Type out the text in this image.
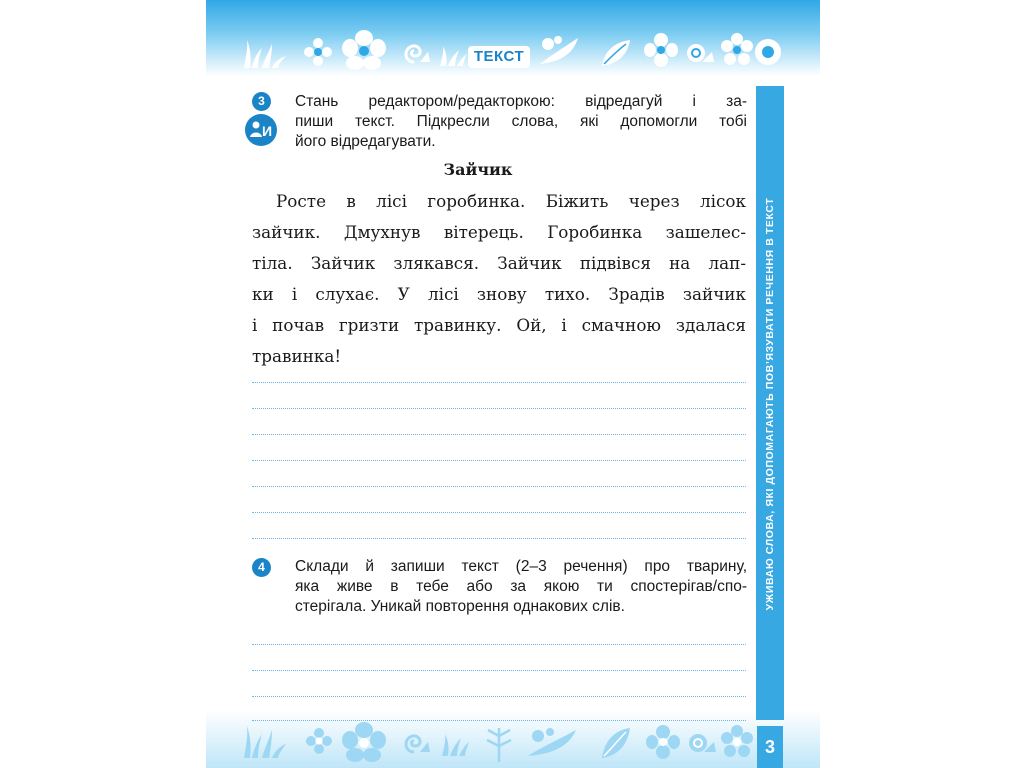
ТЕКСТ
УЖИВАЮ СЛОВА, ЯКІ ДОПОМАГАЮТЬ ПОВ’ЯЗУВАТИ РЕЧЕННЯ В ТЕКСТ
3
3
И
Стань редактором/редакторкою: відредагуй і за-
пиши текст. Підкресли слова, які допомогли тобі
його відредагувати.
Зайчик
Росте в лісі горобинка. Біжить через лісок
зайчик. Дмухнув вітерець. Горобинка зашелес-
тіла. Зайчик злякався. Зайчик підвівся на лап-
ки і слухає. У лісі знову тихо. Зрадів зайчик
і почав гризти травинку. Ой, і смачною здалася
травинка!
4	Склади й запиши текст (2–3 речення) про тварину,
яка живе в тебе або за якою ти спостерігав/спо-
стерігала. Уникай повторення однакових слів.
